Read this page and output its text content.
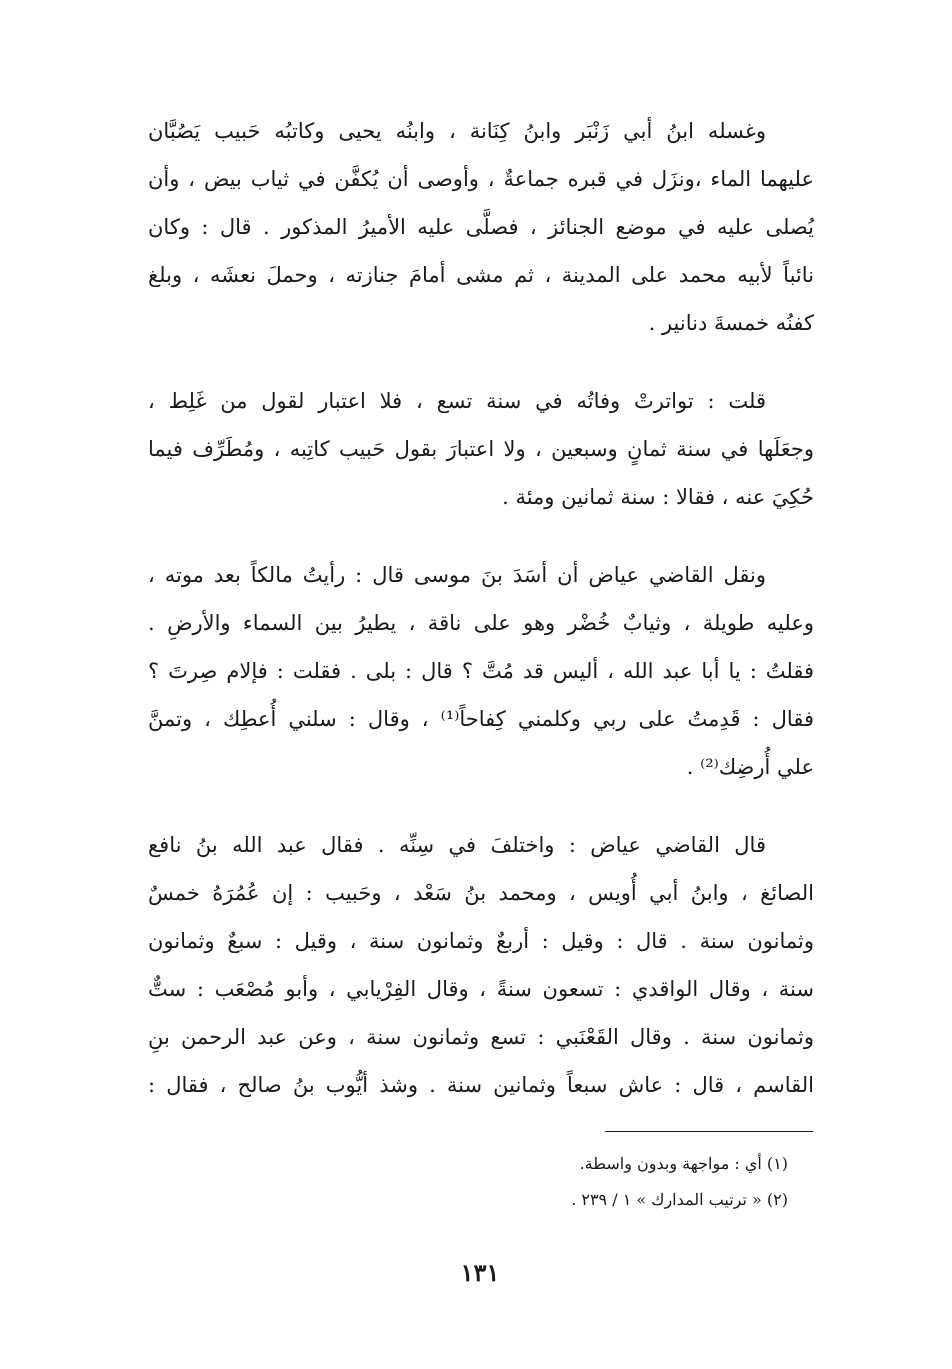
وغسله ابنُ أبي زَنْبَر وابنُ كِنَانة ، وابنُه يحيى وكاتبُه حَبيب يَصُبَّان
عليهما الماء ،ونزَل في قبره جماعةٌ ، وأوصى أن يُكفَّن في ثياب بيض ، وأن
يُصلى عليه في موضع الجنائز ، فصلَّى عليه الأميرُ المذكور . قال : وكان
نائباً لأبيه محمد على المدينة ، ثم مشى أمامَ جنازته ، وحملَ نعشَه ، وبلغ
كفنُه خمسةَ دنانير .
قلت : تواترتْ وفاتُه في سنة تسع ، فلا اعتبار لقول من غَلِط ،
وجعَلَها في سنة ثمانٍ وسبعين ، ولا اعتبارَ بقول حَبيب كاتِبه ، ومُطَرِّف فيما
حُكِيَ عنه ، فقالا : سنة ثمانين ومئة .
ونقل القاضي عياض أن أسَدَ بنَ موسى قال : رأيتُ مالكاً بعد موته ،
وعليه طويلة ، وثيابٌ خُضْر وهو على ناقة ، يطيرُ بين السماء والأرضِ .
فقلتُ : يا أبا عبد الله ، أليس قد مُتَّ ؟ قال : بلى . فقلت : فإلام صِرتَ ؟
فقال : قَدِمتُ على ربي وكلمني كِفاحاً⁽¹⁾ ، وقال : سلني أُعطِك ، وتمنَّ
علي أُرضِك⁽²⁾ .
قال القاضي عياض : واختلفَ في سِنِّه . فقال عبد الله بنُ نافع
الصائغ ، وابنُ أبي أُويس ، ومحمد بنُ سَعْد ، وحَبيب : إن عُمُرَهُ خمسٌ
وثمانون سنة . قال : وقيل : أربعٌ وثمانون سنة ، وقيل : سبعٌ وثمانون
سنة ، وقال الواقدي : تسعون سنةً ، وقال الفِرْيابي ، وأبو مُصْعَب : ستٌّ
وثمانون سنة . وقال القَعْنَبي : تسع وثمانون سنة ، وعن عبد الرحمن بنِ
القاسم ، قال : عاش سبعاً وثمانين سنة . وشذ أيُّوب بنُ صالح ، فقال :
(١) أي : مواجهة وبدون واسطة.
(٢) « ترتيب المدارك » ١ / ٢٣٩ .
١٣١
